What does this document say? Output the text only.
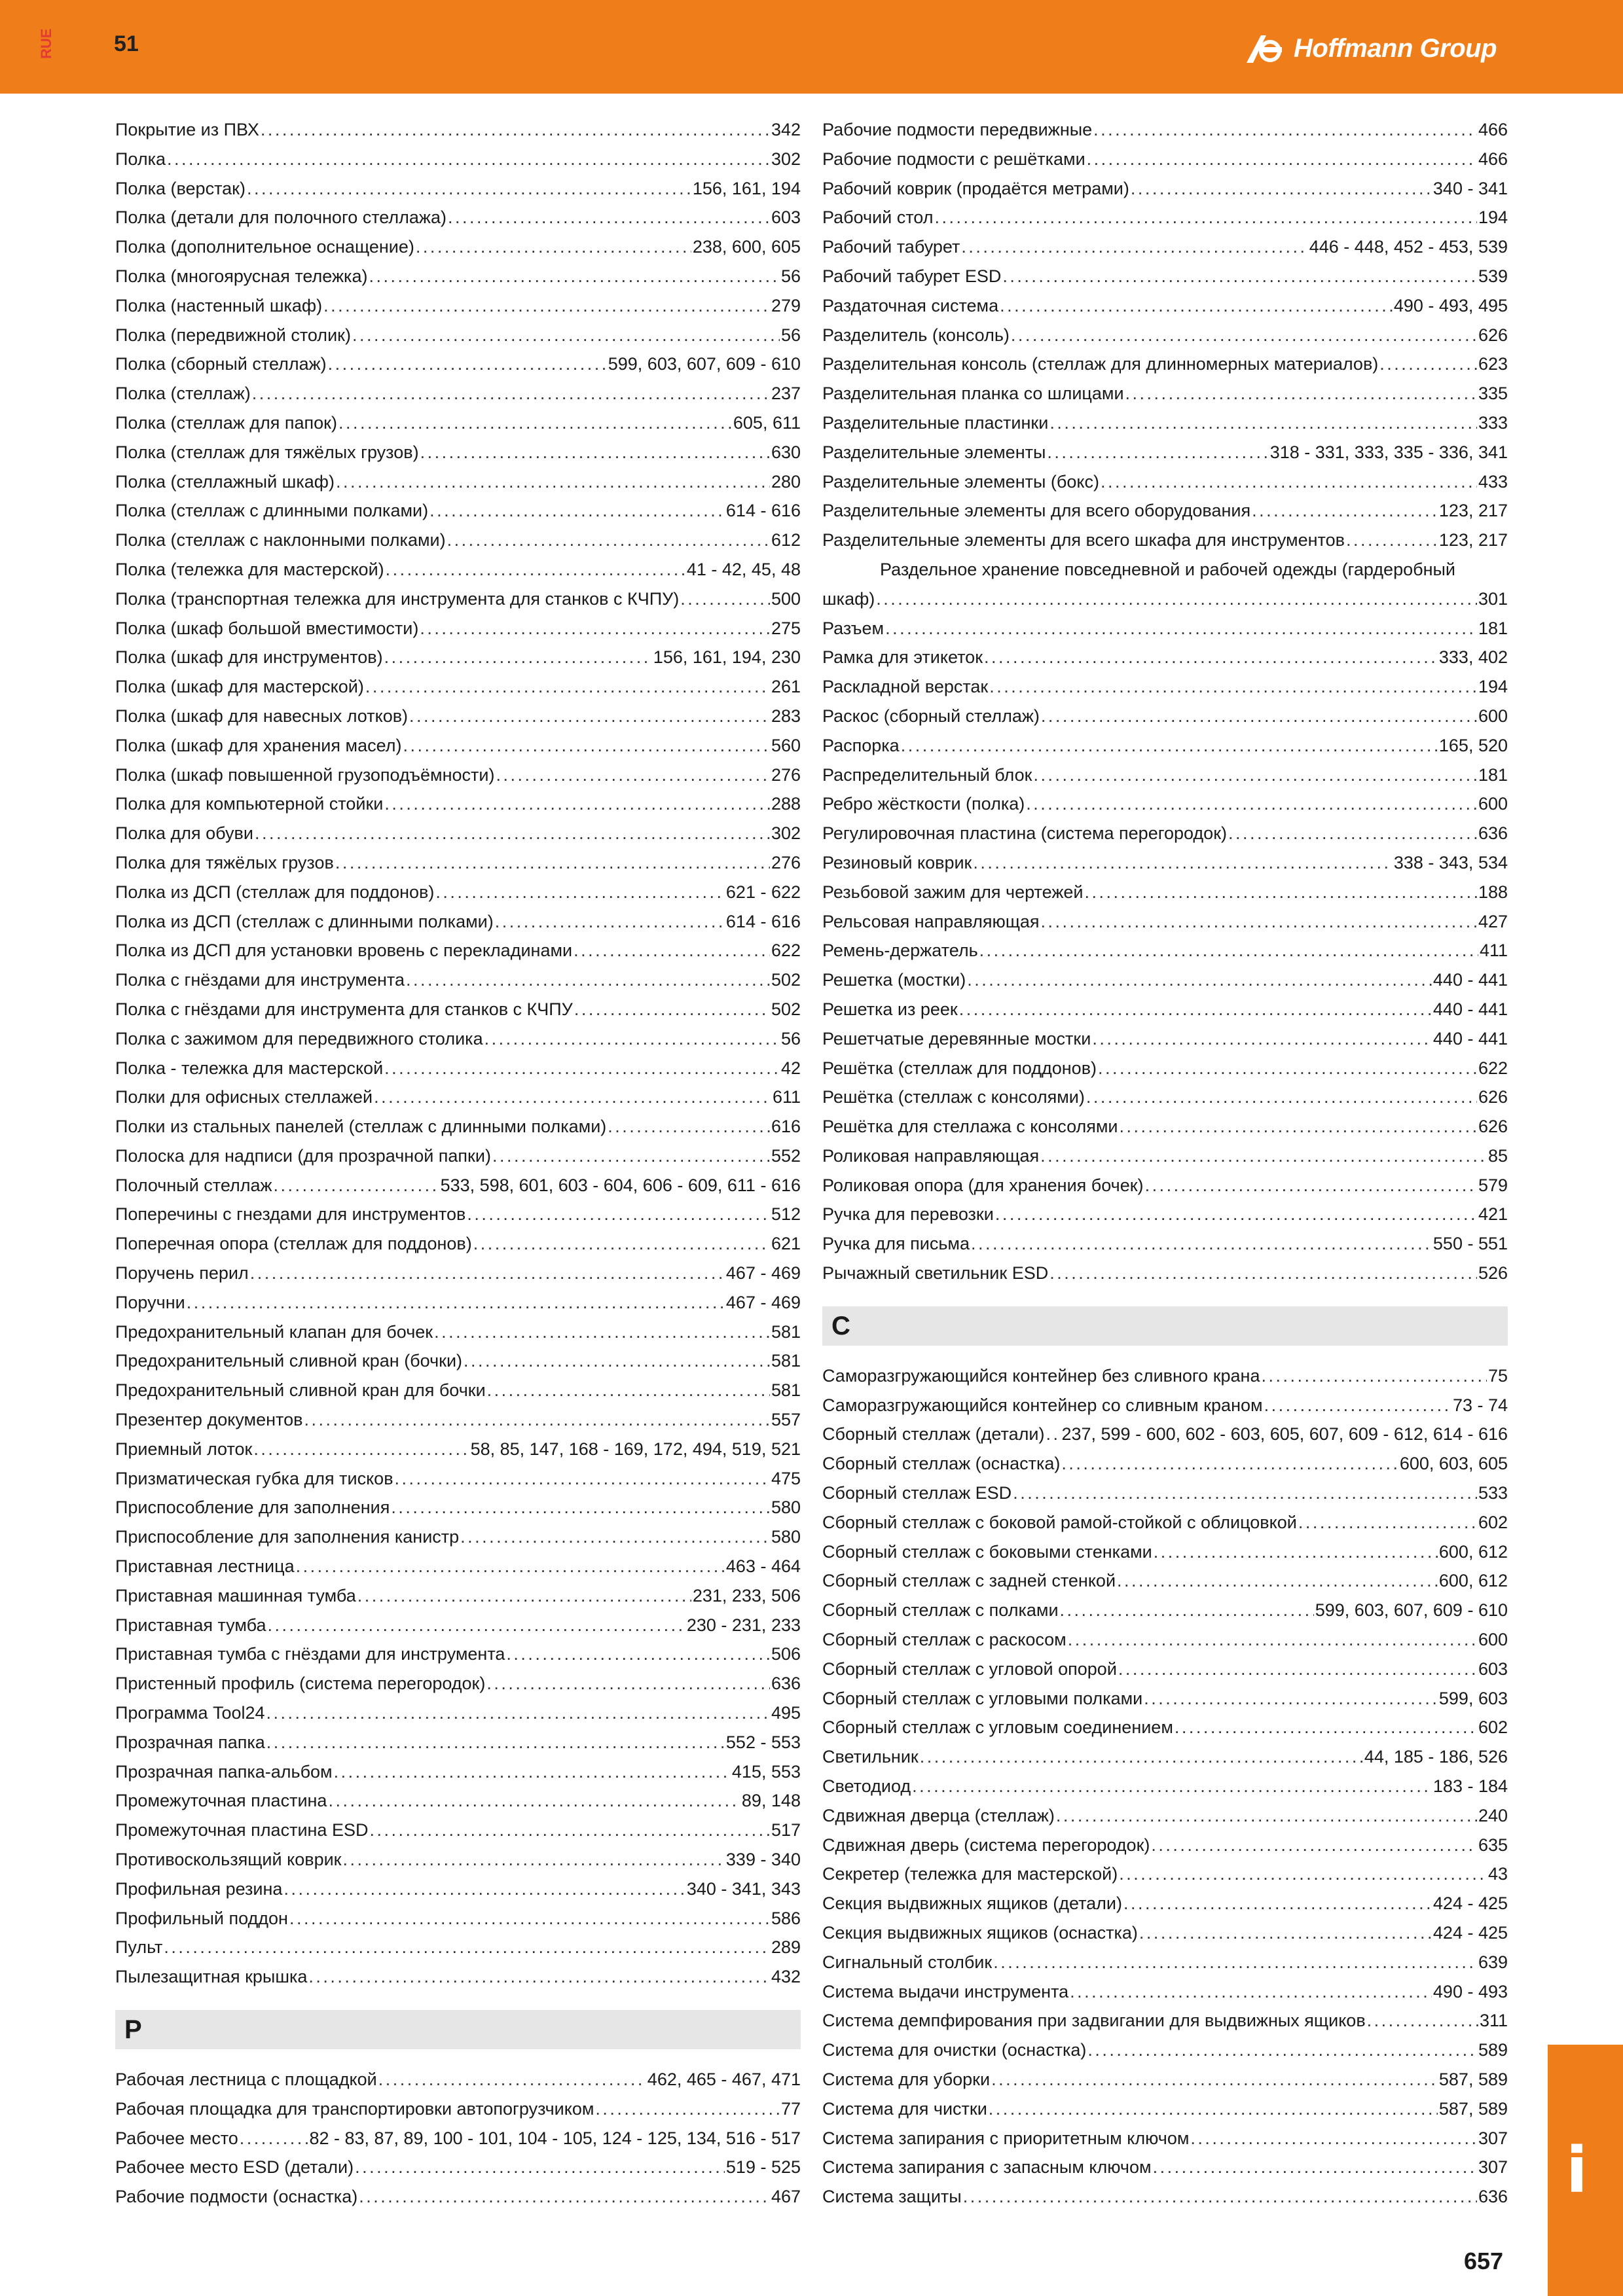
RUE	51	Hoffmann Group
Покрытие из ПВХ . . .	342
Полка . . .	302
Полка (верстак) . . .	156, 161, 194
Полка (детали для полочного стеллажа) . . .	603
Полка (дополнительное оснащение) . . .	238, 600, 605
Полка (многоярусная тележка) . . .	56
Полка (настенный шкаф) . . .	279
Полка (передвижной столик) . . .	56
Полка (сборный стеллаж) . . .	599, 603, 607, 609 - 610
Полка (стеллаж) . . .	237
Полка (стеллаж для папок) . . .	605, 611
Полка (стеллаж для тяжёлых грузов) . . .	630
Полка (стеллажный шкаф) . . .	280
Полка (стеллаж с длинными полками) . . .	614 - 616
Полка (стеллаж с наклонными полками) . . .	612
Полка (тележка для мастерской) . . .	41 - 42, 45, 48
Полка (транспортная тележка для инструмента для станков с КЧПУ) . . .	500
Полка (шкаф большой вместимости) . . .	275
Полка (шкаф для инструментов) . . .	156, 161, 194, 230
Полка (шкаф для мастерской) . . .	261
Полка (шкаф для навесных лотков) . . .	283
Полка (шкаф для хранения масел) . . .	560
Полка (шкаф повышенной грузоподъёмности) . . .	276
Полка для компьютерной стойки . . .	288
Полка для обуви . . .	302
Полка для тяжёлых грузов . . .	276
Полка из ДСП (стеллаж для поддонов) . . .	621 - 622
Полка из ДСП (стеллаж с длинными полками) . . .	614 - 616
Полка из ДСП для установки вровень с перекладинами . . .	622
Полка с гнёздами для инструмента . . .	502
Полка с гнёздами для инструмента для станков с КЧПУ . . .	502
Полка с зажимом для передвижного столика . . .	56
Полка - тележка для мастерской . . .	42
Полки для офисных стеллажей . . .	611
Полки из стальных панелей (стеллаж с длинными полками) . . .	616
Полоска для надписи (для прозрачной папки) . . .	552
Полочный стеллаж . . .	533, 598, 601, 603 - 604, 606 - 609, 611 - 616
Поперечины с гнездами для инструментов . . .	512
Поперечная опора (стеллаж для поддонов) . . .	621
Поручень перил . . .	467 - 469
Поручни . . .	467 - 469
Предохранительный клапан для бочек . . .	581
Предохранительный сливной кран (бочки) . . .	581
Предохранительный сливной кран для бочки . . .	581
Презентер документов . . .	557
Приемный лоток . . .	58, 85, 147, 168 - 169, 172, 494, 519, 521
Призматическая губка для тисков . . .	475
Приспособление для заполнения . . .	580
Приспособление для заполнения канистр . . .	580
Приставная лестница . . .	463 - 464
Приставная машинная тумба . . .	231, 233, 506
Приставная тумба . . .	230 - 231, 233
Приставная тумба с гнёздами для инструмента . . .	506
Пристенный профиль (система перегородок) . . .	636
Программа Tool24 . . .	495
Прозрачная папка . . .	552 - 553
Прозрачная папка-альбом . . .	415, 553
Промежуточная пластина . . .	89, 148
Промежуточная пластина ESD . . .	517
Противоскользящий коврик . . .	339 - 340
Профильная резина . . .	340 - 341, 343
Профильный поддон . . .	586
Пульт . . .	289
Пылезащитная крышка . . .	432
Р
Рабочая лестница с площадкой . . .	462, 465 - 467, 471
Рабочая площадка для транспортировки автопогрузчиком . . .	77
Рабочее место . . .	82 - 83, 87, 89, 100 - 101, 104 - 105, 124 - 125, 134, 516 - 517
Рабочее место ESD (детали) . . .	519 - 525
Рабочие подмости (оснастка) . . .	467
Рабочие подмости передвижные . . .	466
Рабочие подмости с решётками . . .	466
Рабочий коврик (продаётся метрами) . . .	340 - 341
Рабочий стол . . .	194
Рабочий табурет . . .	446 - 448, 452 - 453, 539
Рабочий табурет ESD . . .	539
Раздаточная система . . .	490 - 493, 495
Разделитель (консоль) . . .	626
Разделительная консоль (стеллаж для длинномерных материалов) . . .	623
Разделительная планка со шлицами . . .	335
Разделительные пластинки . . .	333
Разделительные элементы . . .	318 - 331, 333, 335 - 336, 341
Разделительные элементы (бокс) . . .	433
Разделительные элементы для всего оборудования . . .	123, 217
Разделительные элементы для всего шкафа для инструментов . . .	123, 217
Раздельное хранение повседневной и рабочей одежды (гардеробный
шкаф) . . .	301
Разъем . . .	181
Рамка для этикеток . . .	333, 402
Раскладной верстак . . .	194
Раскос (сборный стеллаж) . . .	600
Распорка . . .	165, 520
Распределительный блок . . .	181
Ребро жёсткости (полка) . . .	600
Регулировочная пластина (система перегородок) . . .	636
Резиновый коврик . . .	338 - 343, 534
Резьбовой зажим для чертежей . . .	188
Рельсовая направляющая . . .	427
Ремень-держатель . . .	411
Решетка (мостки) . . .	440 - 441
Решетка из реек . . .	440 - 441
Решетчатые деревянные мостки . . .	440 - 441
Решётка (стеллаж для поддонов) . . .	622
Решётка (стеллаж с консолями) . . .	626
Решётка для стеллажа с консолями . . .	626
Роликовая направляющая . . .	85
Роликовая опора (для хранения бочек) . . .	579
Ручка для перевозки . . .	421
Ручка для письма . . .	550 - 551
Рычажный светильник ESD . . .	526
С
Саморазгружающийся контейнер без сливного крана . . .	75
Саморазгружающийся контейнер со сливным краном . . .	73 - 74
Сборный стеллаж (детали) . . . 237, 599 - 600, 602 - 603, 605, 607, 609 - 612, 614 - 616
Сборный стеллаж (оснастка) . . .	600, 603, 605
Сборный стеллаж ESD . . .	533
Сборный стеллаж с боковой рамой-стойкой с облицовкой . . .	602
Сборный стеллаж с боковыми стенками . . .	600, 612
Сборный стеллаж с задней стенкой . . .	600, 612
Сборный стеллаж с полками . . .	599, 603, 607, 609 - 610
Сборный стеллаж с раскосом . . .	600
Сборный стеллаж с угловой опорой . . .	603
Сборный стеллаж с угловыми полками . . .	599, 603
Сборный стеллаж с угловым соединением . . .	602
Светильник . . .	44, 185 - 186, 526
Светодиод . . .	183 - 184
Сдвижная дверца (стеллаж) . . .	240
Сдвижная дверь (система перегородок) . . .	635
Секретер (тележка для мастерской) . . .	43
Секция выдвижных ящиков (детали) . . .	424 - 425
Секция выдвижных ящиков (оснастка) . . .	424 - 425
Сигнальный столбик . . .	639
Система выдачи инструмента . . .	490 - 493
Система демпфирования при задвигании для выдвижных ящиков . . .	311
Система для очистки (оснастка) . . .	589
Система для уборки . . .	587, 589
Система для чистки . . .	587, 589
Система запирания с приоритетным ключом . . .	307
Система запирания с запасным ключом . . .	307
Система защиты . . .	636 i
657
